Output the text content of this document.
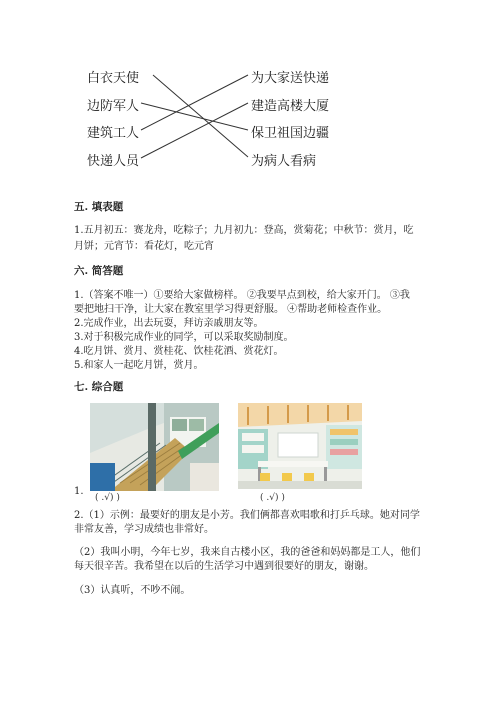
白衣天使
边防军人
建筑工人
快递人员
为大家送快递
建造高楼大厦
保卫祖国边疆
为病人看病
五. 填表题
1.五月初五：赛龙舟，吃粽子；九月初九：登高，赏菊花；中秋节：赏月，吃
月饼；元宵节：看花灯，吃元宵
六. 简答题
1.（答案不唯一）①要给大家做榜样。 ②我要早点到校，给大家开门。 ③我
要把地扫干净，让大家在教室里学习得更舒服。 ④帮助老师检查作业。
2.完成作业，出去玩耍，拜访亲戚朋友等。
3.对于积极完成作业的同学，可以采取奖励制度。
4.吃月饼、赏月、赏桂花、饮桂花酒、赏花灯。
5.和家人一起吃月饼，赏月。
七. 综合题
1.
( .√) )	( .√) )
2.（1）示例：最要好的朋友是小芳。我们俩都喜欢唱歌和打乒乓球。她对同学
非常友善，学习成绩也非常好。
（2）我叫小明，今年七岁，我来自古楼小区，我的爸爸和妈妈都是工人，他们
每天很辛苦。我希望在以后的生活学习中遇到很要好的朋友，谢谢。
（3）认真听，不吵不闹。
